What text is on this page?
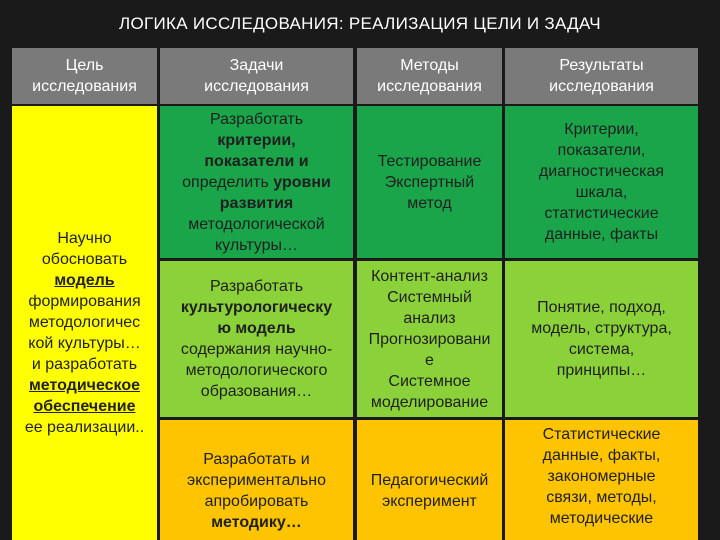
ЛОГИКА ИССЛЕДОВАНИЯ: РЕАЛИЗАЦИЯ ЦЕЛИ И ЗАДАЧ
Цель
исследования
Задачи
исследования
Методы
исследования
Результаты
исследования
Научно
обосновать
модель
формирования
методологичес
кой культуры…
и разработать
методическое
обеспечение
ее реализации..
Разработать
критерии,
показатели и
определить уровни
развития
методологической
культуры…
Тестирование
Экспертный
метод
Критерии,
показатели,
диагностическая
шкала,
статистические
данные, факты
Разработать
культурологическу
ю модель
содержания научно-
методологического
образования…
Контент-анализ
Системный
анализ
Прогнозировани
е
Системное
моделирование
Понятие, подход,
модель, структура,
система,
принципы…
Разработать и
экспериментально
апробировать
методику…
Педагогический
эксперимент
Статистические
данные, факты,
закономерные
связи, методы,
методические
